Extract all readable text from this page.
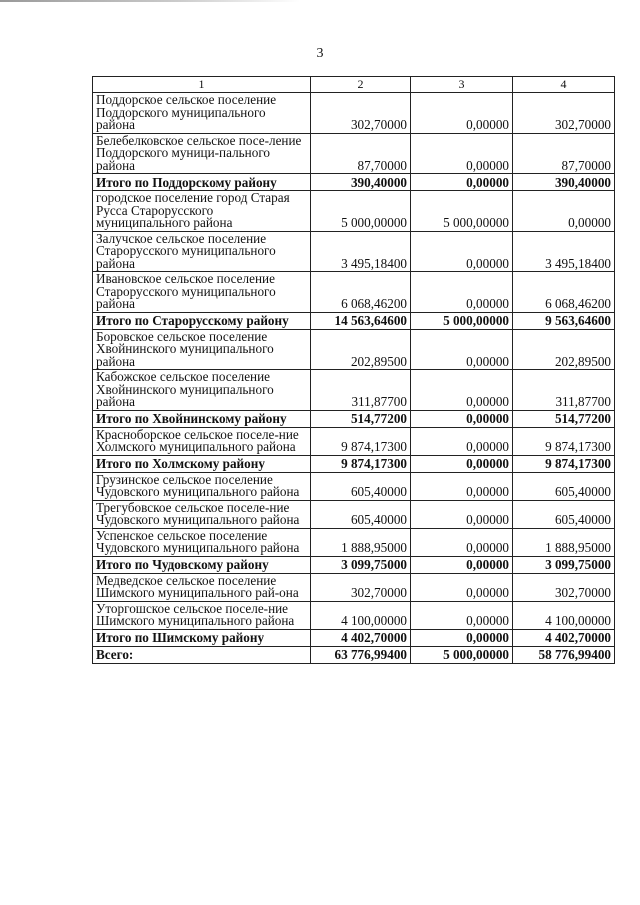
3
1	2	3	4
Поддорское сельское поселение Поддорского муниципального района	302,70000	0,00000	302,70000
Белебелковское сельское посе-ление Поддорского муници-пального района	87,70000	0,00000	87,70000
Итого по Поддорскому району	390,40000	0,00000	390,40000
городское поселение город Старая Русса Старорусского муниципального района	5 000,00000	5 000,00000	0,00000
Залучское сельское поселение Старорусского муниципального района	3 495,18400	0,00000	3 495,18400
Ивановское сельское поселение Старорусского муниципального района	6 068,46200	0,00000	6 068,46200
Итого по Старорусскому району	14 563,64600	5 000,00000	9 563,64600
Боровское сельское поселение Хвойнинского муниципального района	202,89500	0,00000	202,89500
Кабожское сельское поселение Хвойнинского муниципального района	311,87700	0,00000	311,87700
Итого по Хвойнинскому району	514,77200	0,00000	514,77200
Красноборское сельское поселе-ние Холмского муниципального района	9 874,17300	0,00000	9 874,17300
Итого по Холмскому району	9 874,17300	0,00000	9 874,17300
Грузинское сельское поселение Чудовского муниципального района	605,40000	0,00000	605,40000
Трегубовское сельское поселе-ние Чудовского муниципального района	605,40000	0,00000	605,40000
Успенское сельское поселение Чудовского муниципального района	1 888,95000	0,00000	1 888,95000
Итого по Чудовскому району	3 099,75000	0,00000	3 099,75000
Медведское сельское поселение Шимского муниципального рай-она	302,70000	0,00000	302,70000
Уторгошское сельское поселе-ние Шимского муниципального района	4 100,00000	0,00000	4 100,00000
Итого по Шимскому району	4 402,70000	0,00000	4 402,70000
Всего:	63 776,99400	5 000,00000	58 776,99400
